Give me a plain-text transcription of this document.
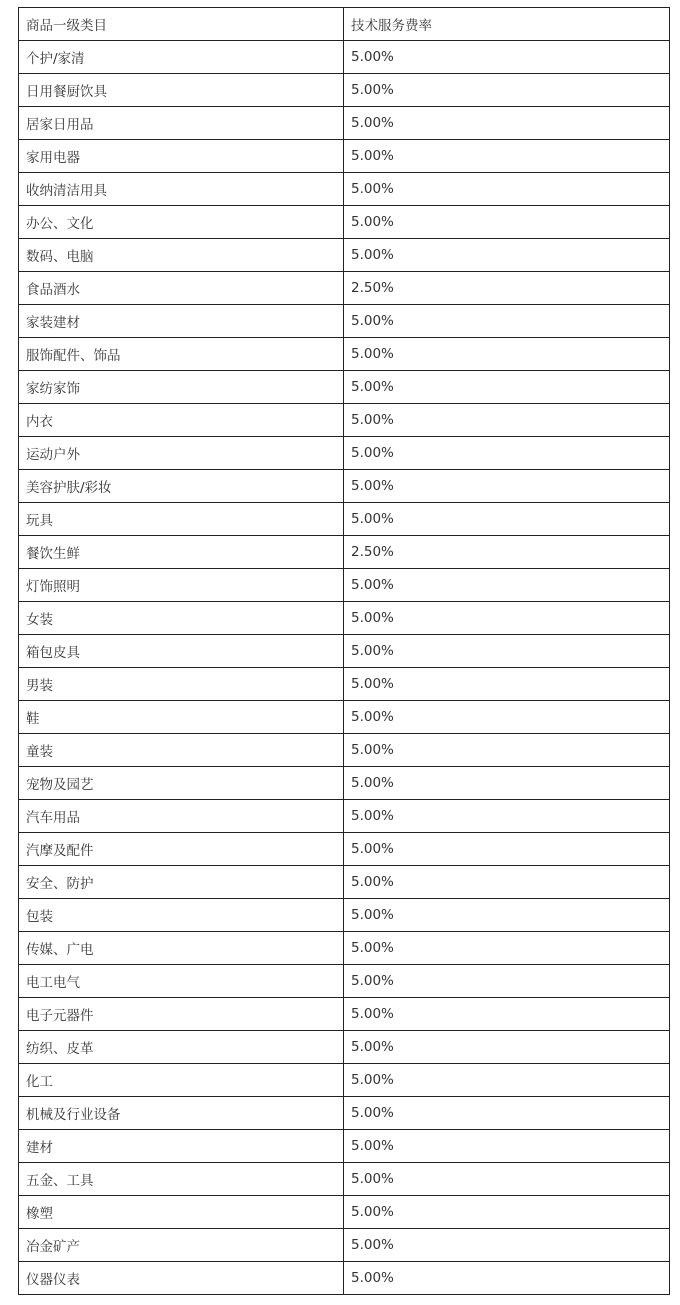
商品一级类目	技术服务费率
个护/家清	5.00%
日用餐厨饮具	5.00%
居家日用品	5.00%
家用电器	5.00%
收纳清洁用具	5.00%
办公、文化	5.00%
数码、电脑	5.00%
食品酒水	2.50%
家装建材	5.00%
服饰配件、饰品	5.00%
家纺家饰	5.00%
内衣	5.00%
运动户外	5.00%
美容护肤/彩妆	5.00%
玩具	5.00%
餐饮生鲜	2.50%
灯饰照明	5.00%
女装	5.00%
箱包皮具	5.00%
男装	5.00%
鞋	5.00%
童装	5.00%
宠物及园艺	5.00%
汽车用品	5.00%
汽摩及配件	5.00%
安全、防护	5.00%
包装	5.00%
传媒、广电	5.00%
电工电气	5.00%
电子元器件	5.00%
纺织、皮革	5.00%
化工	5.00%
机械及行业设备	5.00%
建材	5.00%
五金、工具	5.00%
橡塑	5.00%
冶金矿产	5.00%
仪器仪表	5.00%
